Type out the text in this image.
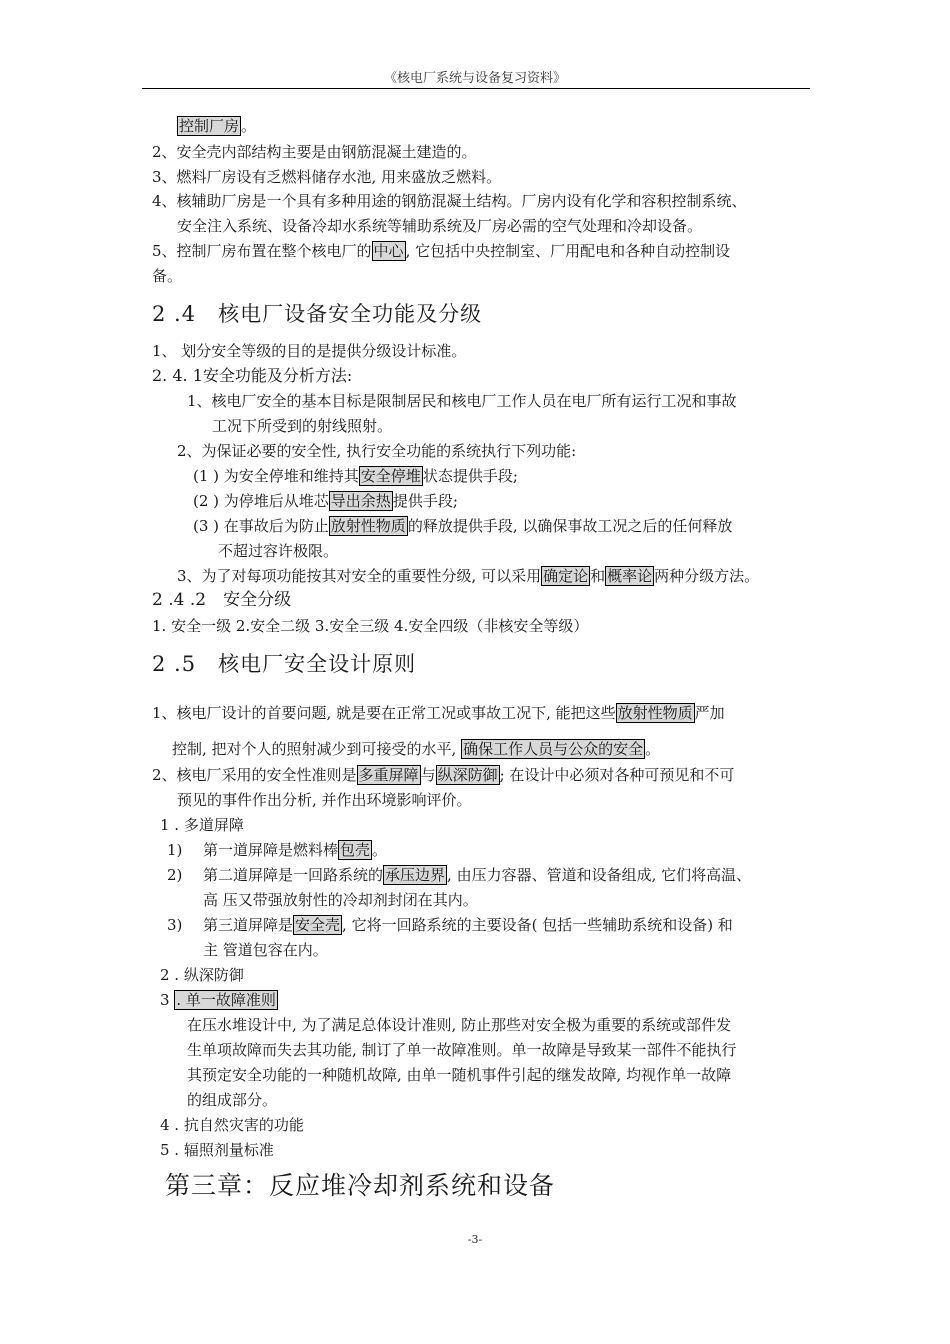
《核电厂系统与设备复习资料》
控制厂房 。
2、安全壳内部结构主要是由钢筋混凝土建造的。
3、燃料厂房设有乏燃料储存水池, 用来盛放乏燃料。
4、核辅助厂房是一个具有多种用途的钢筋混凝土结构。厂房内设有化学和容积控制系统、
安全注入系统、设备冷却水系统等辅助系统及厂房必需的空气处理和冷却设备。
5、控制厂房布置在整个核电厂的 中心 , 它包括中央控制室、厂用配电和各种自动控制设
备。
2 .4　核电厂设备安全功能及分级
1、 划分安全等级的目的是提供分级设计标准。
2. 4. 1安全功能及分析方法:
1、核电厂安全的基本目标是限制居民和核电厂工作人员在电厂所有运行工况和事故
工况下所受到的射线照射。
2、为保证必要的安全性, 执行安全功能的系统执行下列功能:
(1 ) 为安全停堆和维持其 安全停堆 状态提供手段;
(2 ) 为停堆后从堆芯 导出余热 提供手段;
(3 ) 在事故后为防止 放射性物质 的释放提供手段, 以确保事故工况之后的任何释放
不超过容许极限。
3、为了对每项功能按其对安全的重要性分级, 可以采用 确定论 和 概率论 两种分级方法。
2 .4 .2　安全分级
1. 安全一级 2.安全二级 3.安全三级 4.安全四级（非核安全等级）
2 .5　核电厂安全设计原则
1、核电厂设计的首要问题, 就是要在正常工况或事故工况下, 能把这些 放射性物质 严加
控制, 把对个人的照射减少到可接受的水平, 确保工作人员与公众的安全 。
2、核电厂采用的安全性准则是 多重屏障 与 纵深防御 ; 在设计中必须对各种可预见和不可
预见的事件作出分析, 并作出环境影响评价。
1 . 多道屏障
1) 第一道屏障是燃料棒 包壳 。
2) 第二道屏障是一回路系统的 承压边界 , 由压力容器、管道和设备组成, 它们将高温、
高 压又带强放射性的冷却剂封闭在其内。
3) 第三道屏障是 安全壳 , 它将一回路系统的主要设备( 包括一些辅助系统和设备) 和
主 管道包容在内。
2 . 纵深防御
3 . 单一故障准则
在压水堆设计中, 为了满足总体设计准则, 防止那些对安全极为重要的系统或部件发
生单项故障而失去其功能, 制订了单一故障准则。单一故障是导致某一部件不能执行
其预定安全功能的一种随机故障, 由单一随机事件引起的继发故障, 均视作单一故障
的组成部分。
4 . 抗自然灾害的功能
5 . 辐照剂量标准
第三章：反应堆冷却剂系统和设备
-3-
